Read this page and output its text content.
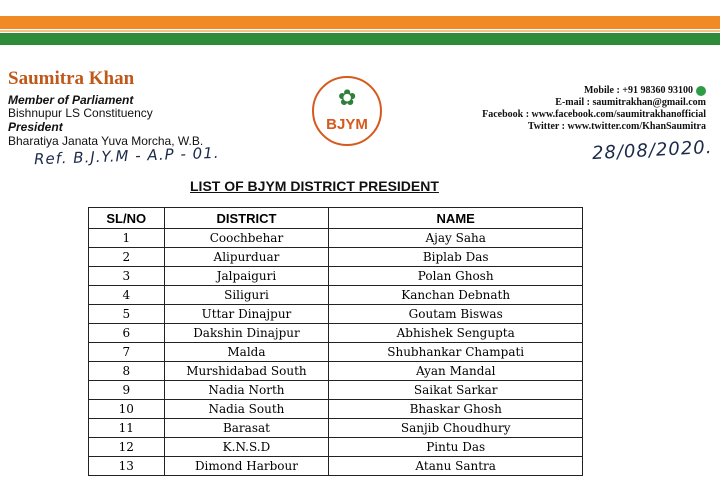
Saumitra Khan
Member of Parliament
Bishnupur LS Constituency
President
Bharatiya Janata Yuva Morcha, W.B.
Ref. B.J.Y.M - A.P - 01.
✿
BJYM
Mobile : +91 98360 93100
E-mail : saumitrakhan@gmail.com
Facebook : www.facebook.com/saumitrakhanofficial
Twitter : www.twitter.com/KhanSaumitra
28/08/2020.
LIST OF BJYM DISTRICT PRESIDENT
SL/NO	DISTRICT	NAME
1	Coochbehar	Ajay Saha
2	Alipurduar	Biplab Das
3	Jalpaiguri	Polan Ghosh
4	Siliguri	Kanchan Debnath
5	Uttar Dinajpur	Goutam Biswas
6	Dakshin Dinajpur	Abhishek Sengupta
7	Malda	Shubhankar Champati
8	Murshidabad South	Ayan Mandal
9	Nadia North	Saikat Sarkar
10	Nadia South	Bhaskar Ghosh
11	Barasat	Sanjib Choudhury
12	K.N.S.D	Pintu Das
13	Dimond Harbour	Atanu Santra
